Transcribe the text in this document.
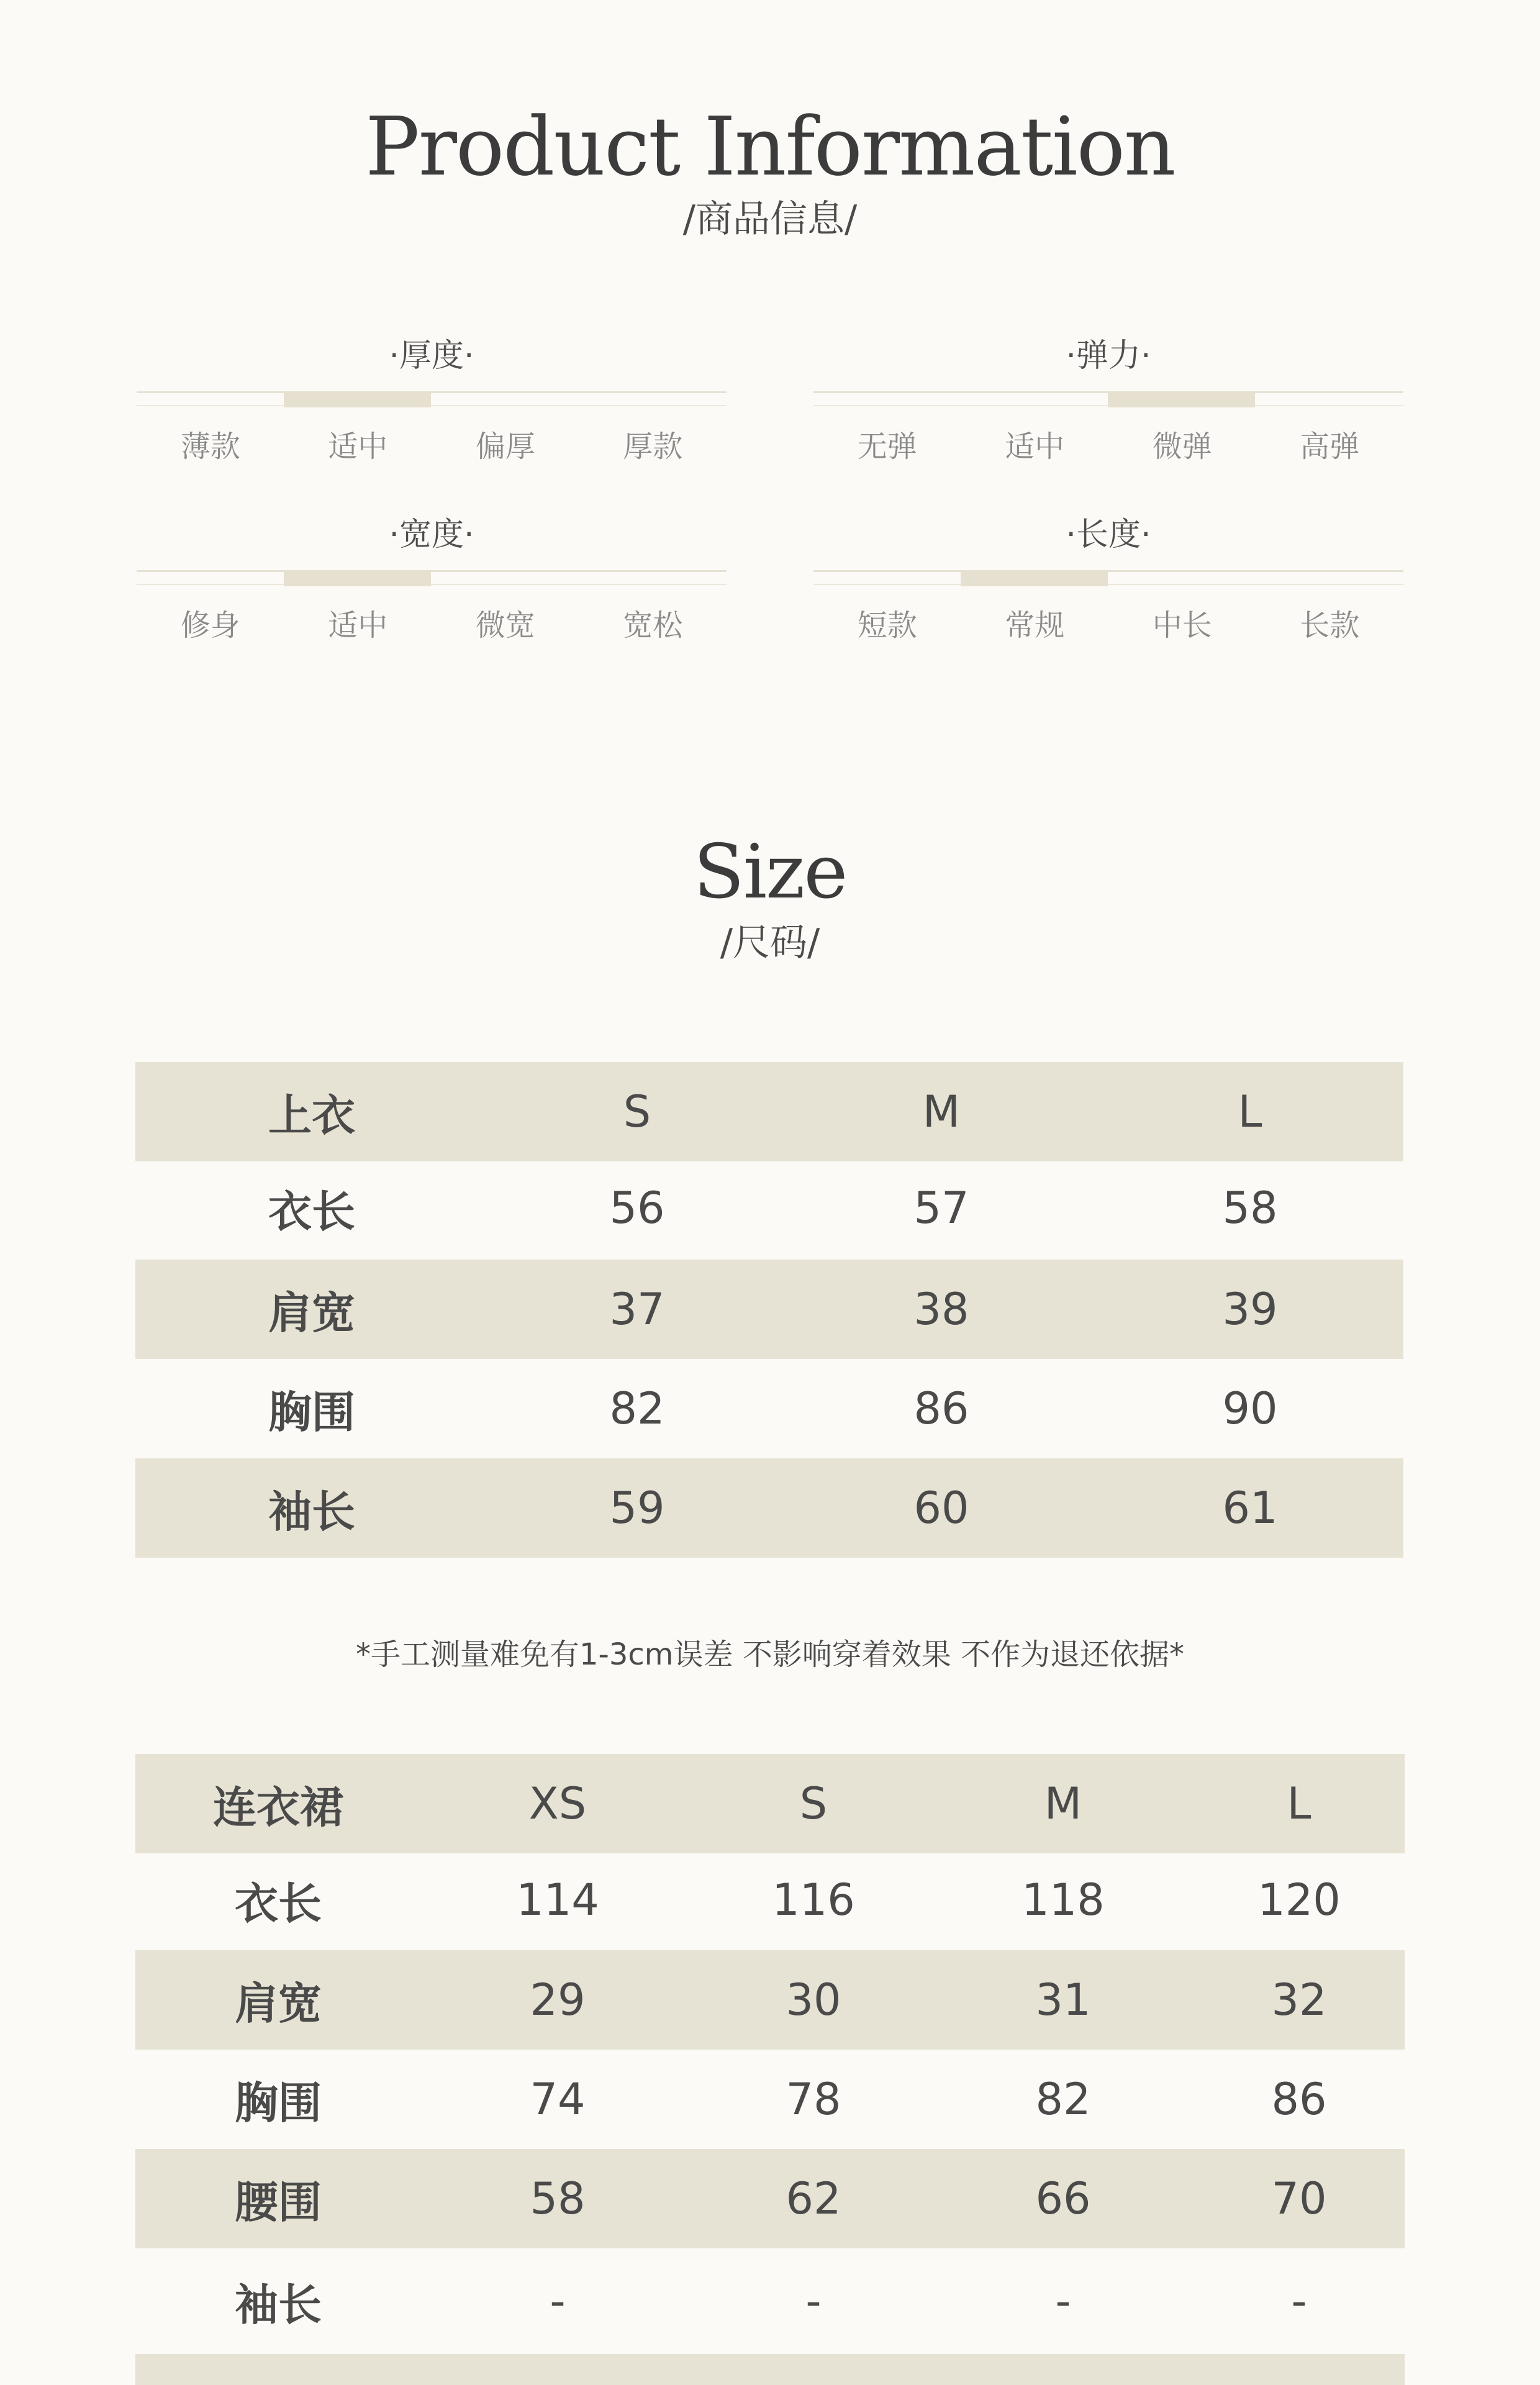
Product Information
/商品信息/
·厚度·
薄款	适中	偏厚	厚款
·弹力·
无弹	适中	微弹	高弹
·宽度·
修身	适中	微宽	宽松
·长度·
短款	常规	中长	长款
Size
/尺码/
上衣	S	M	L
衣长	56	57	58
肩宽	37	38	39
胸围	82	86	90
袖长	59	60	61
*手工测量难免有1-3cm误差 不影响穿着效果 不作为退还依据*
连衣裙	XS	S	M	L
衣长	114	116	118	120
肩宽	29	30	31	32
胸围	74	78	82	86
腰围	58	62	66	70
袖长	-	-	-	-
